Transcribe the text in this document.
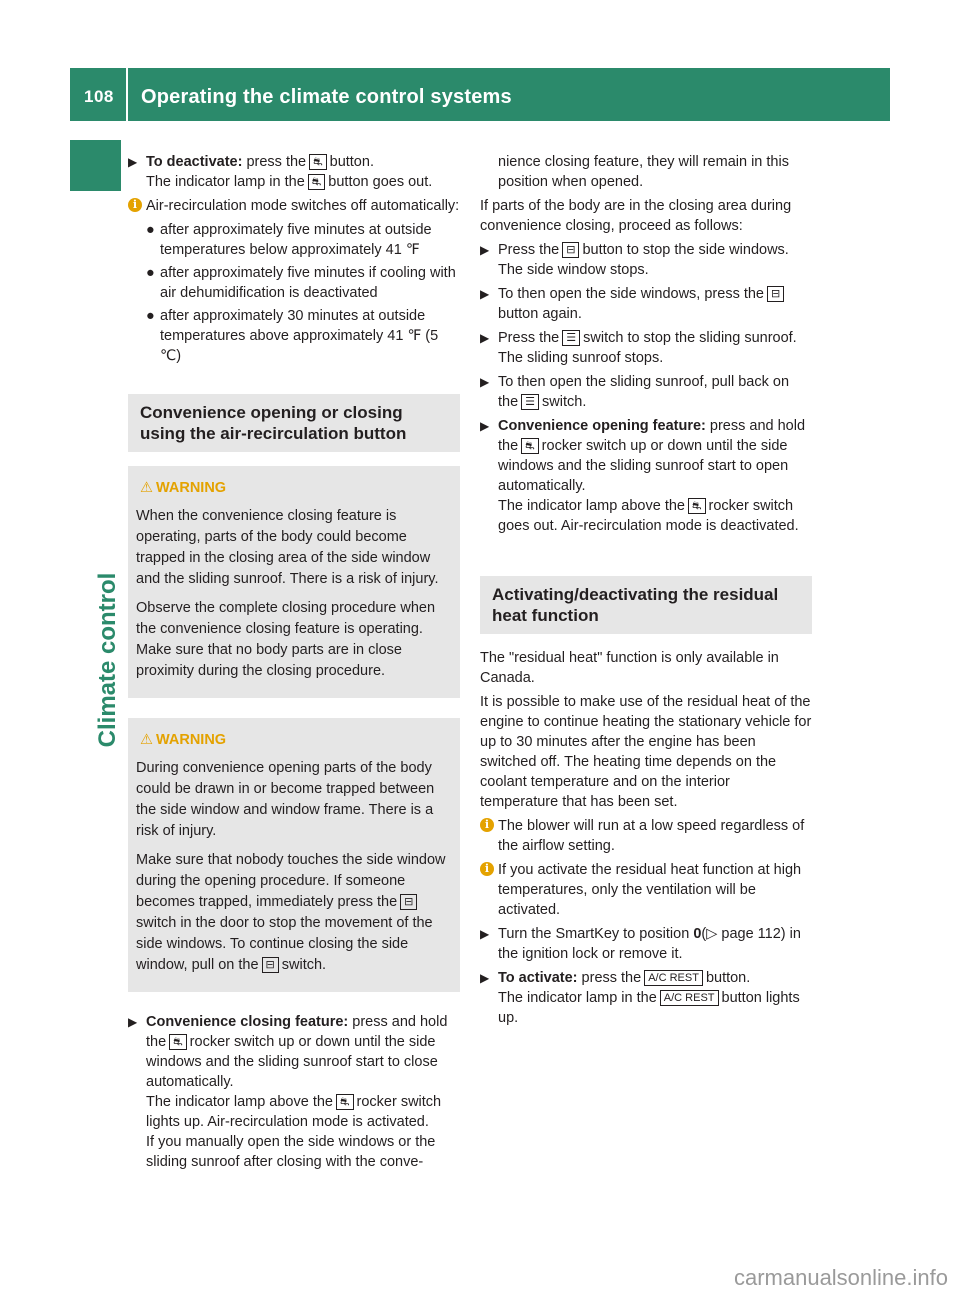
108 Operating the climate control systems
Climate control
▶ To deactivate: press the ⛐ button.
The indicator lamp in the ⛐ button goes out.
i Air-recirculation mode switches off automatically:
● after approximately five minutes at outside temperatures below approximately 41 ℉
● after approximately five minutes if cooling with air dehumidification is deactivated
● after approximately 30 minutes at outside temperatures above approximately 41 ℉ (5 ℃)
Convenience opening or closing using the air-recirculation button
⚠ WARNING

When the convenience closing feature is operating, parts of the body could become trapped in the closing area of the side window and the sliding sunroof. There is a risk of injury.

Observe the complete closing procedure when the convenience closing feature is operating. Make sure that no body parts are in close proximity during the closing procedure.

⚠ WARNING

During convenience opening parts of the body could be drawn in or become trapped between the side window and window frame. There is a risk of injury.

Make sure that nobody touches the side window during the opening procedure. If someone becomes trapped, immediately press the ⊟switch in the door to stop the movement of the side windows. To continue closing the side window, pull on the ⊟ switch.

▶ Convenience closing feature: press and hold the ⛐ rocker switch up or down until the side windows and the sliding sunroof start to close automatically.
The indicator lamp above the ⛐ rocker switch lights up. Air-recirculation mode is activated.
If you manually open the side windows or the sliding sunroof after closing with the conve-
nience closing feature, they will remain in this position when opened.
If parts of the body are in the closing area during convenience closing, proceed as follows:
▶ Press the ⊟ button to stop the side windows.
The side window stops.
▶ To then open the side windows, press the ⊟button again.
▶ Press the ☰ switch to stop the sliding sunroof.
The sliding sunroof stops.
▶ To then open the sliding sunroof, pull back on the ☰ switch.
▶ Convenience opening feature: press and hold the ⛐ rocker switch up or down until the side windows and the sliding sunroof start to open automatically.
The indicator lamp above the ⛐ rocker switch goes out. Air-recirculation mode is deactivated.
Activating/deactivating the residual heat function
The "residual heat" function is only available in Canada.
It is possible to make use of the residual heat of the engine to continue heating the stationary vehicle for up to 30 minutes after the engine has been switched off. The heating time depends on the coolant temperature and on the interior temperature that has been set.
i The blower will run at a low speed regardless of the airflow setting.
i If you activate the residual heat function at high temperatures, only the ventilation will be activated.
▶ Turn the SmartKey to position 0(▷ page 112) in the ignition lock or remove it.
▶ To activate: press the A/C REST button.
The indicator lamp in the A/C REST button lights up.
carmanualsonline.info
